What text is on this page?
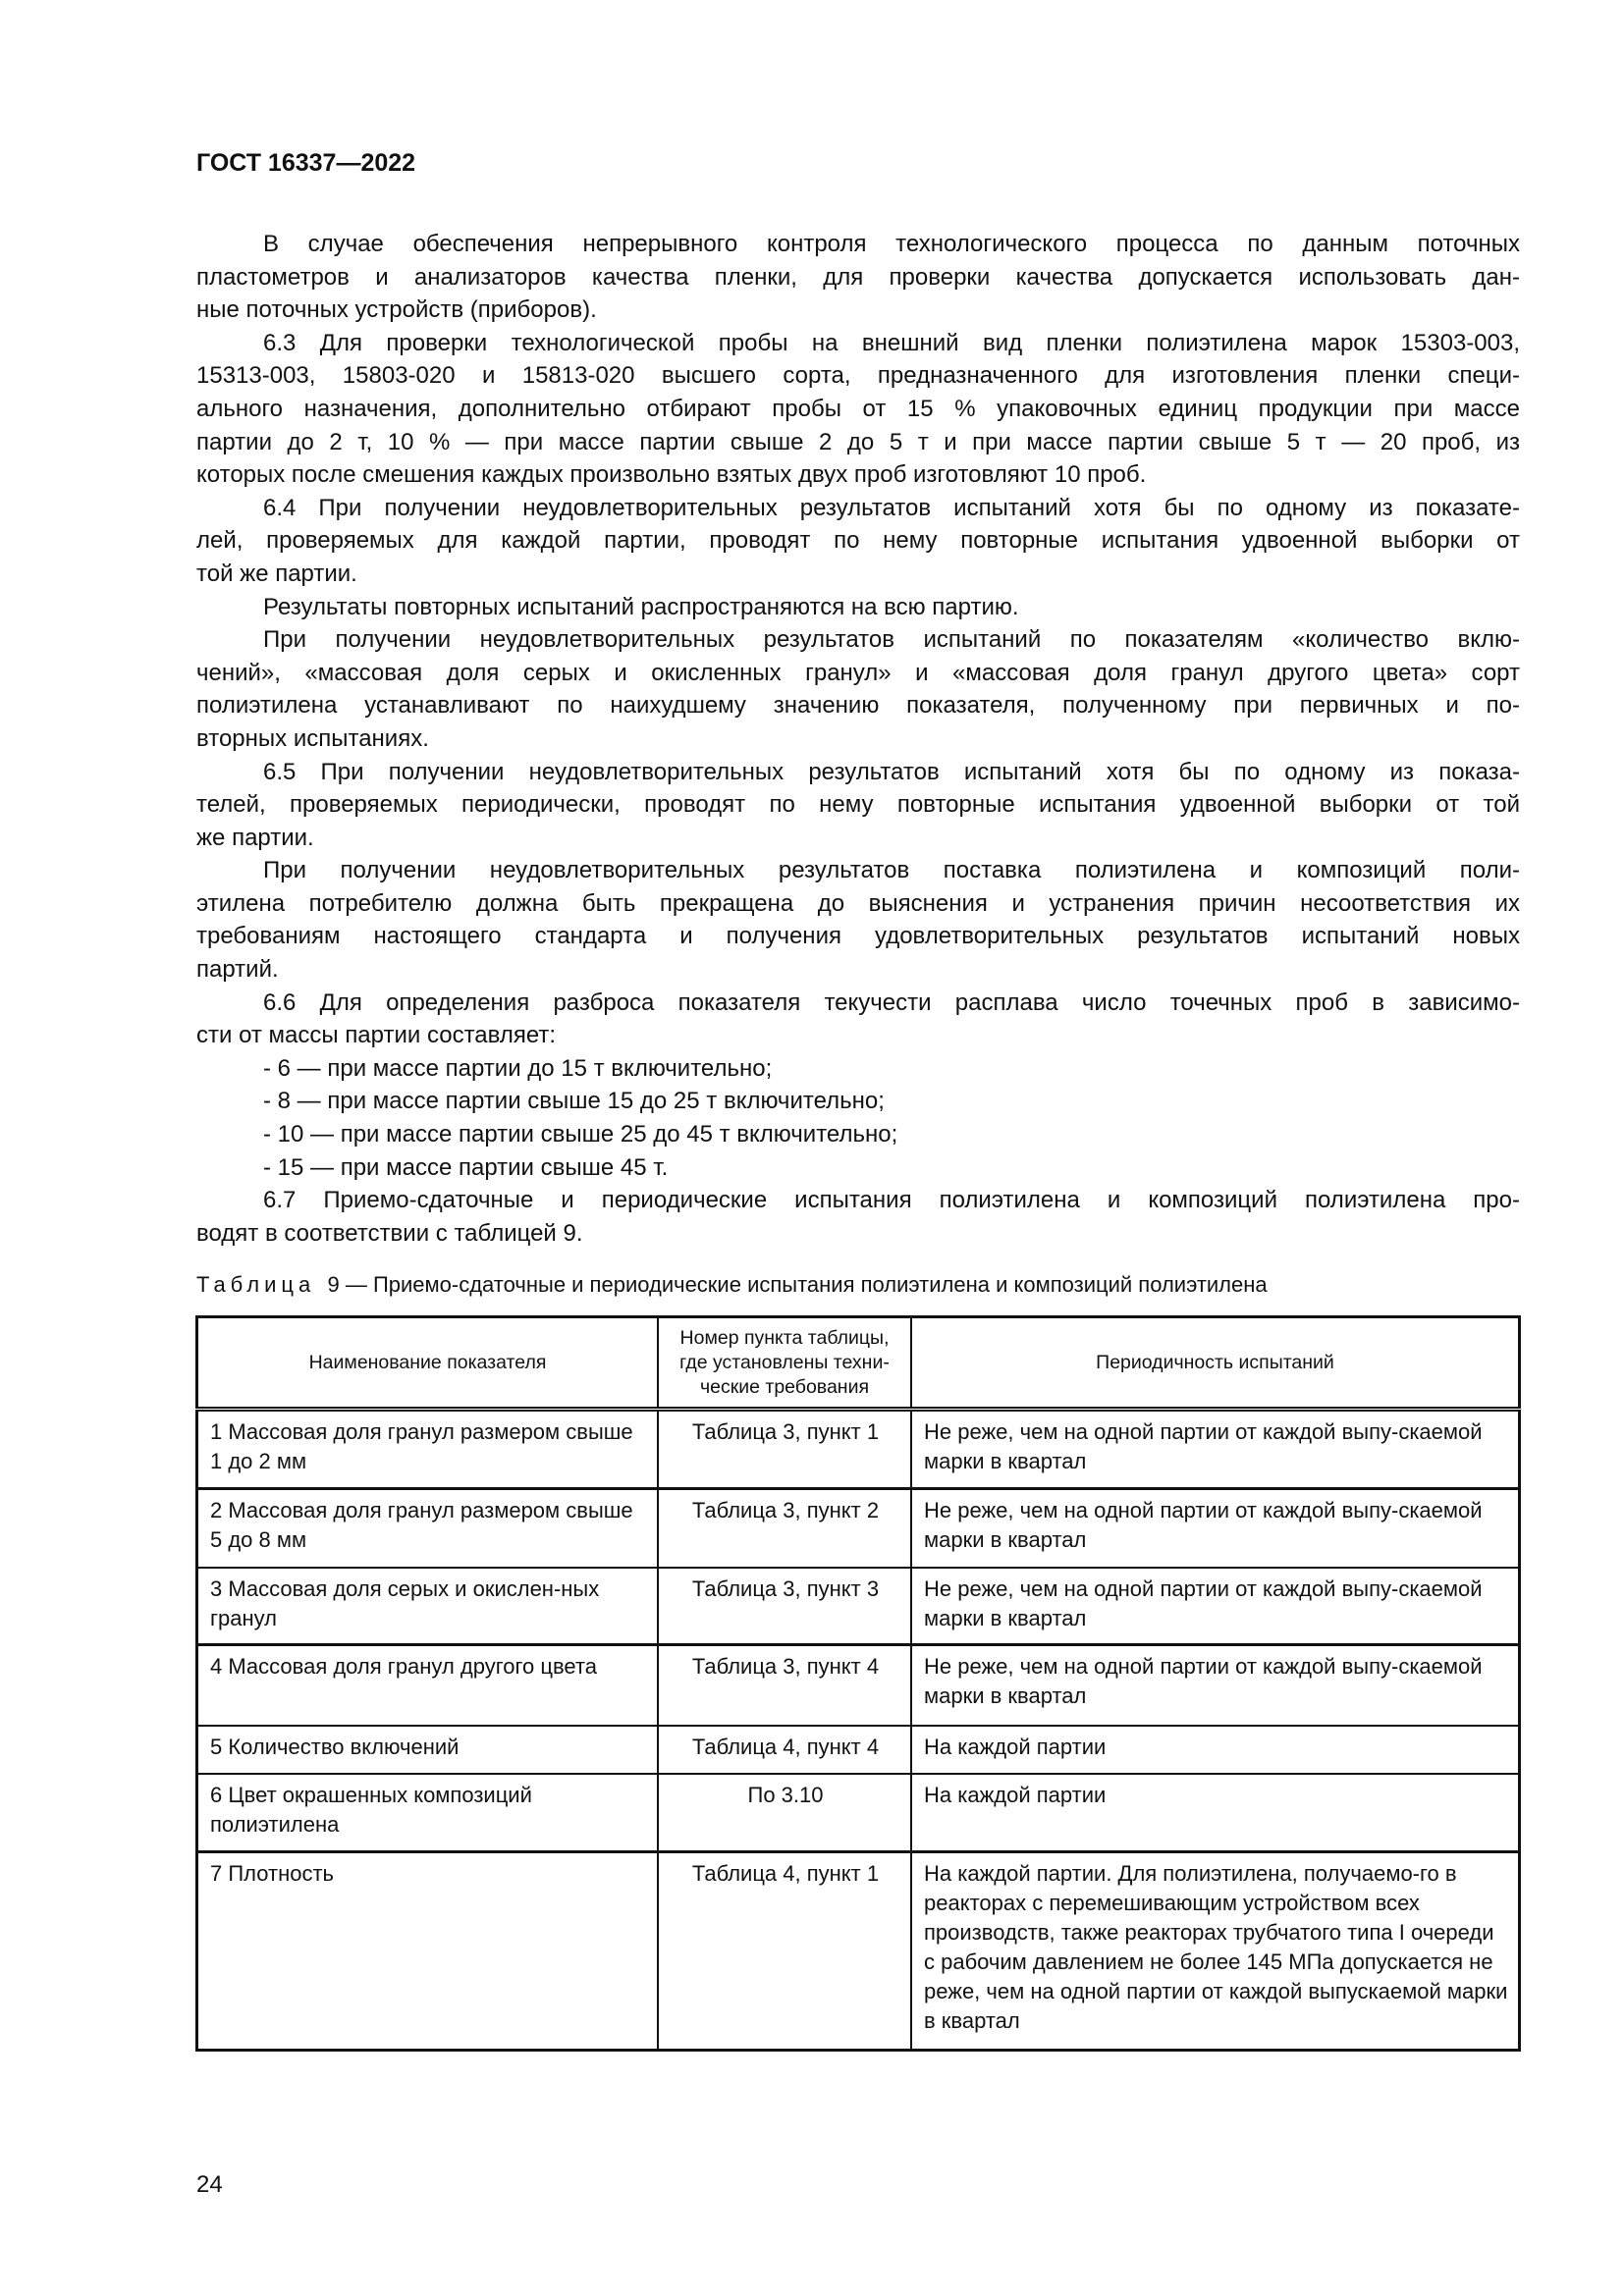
ГОСТ 16337—2022
В случае обеспечения непрерывного контроля технологического процесса по данным поточных
пластометров и анализаторов качества пленки, для проверки качества допускается использовать дан-
ные поточных устройств (приборов).
6.3 Для проверки технологической пробы на внешний вид пленки полиэтилена марок 15303-003,
15313-003, 15803-020 и 15813-020 высшего сорта, предназначенного для изготовления пленки специ-
ального назначения, дополнительно отбирают пробы от 15 % упаковочных единиц продукции при массе
партии до 2 т, 10 % — при массе партии свыше 2 до 5 т и при массе партии свыше 5 т — 20 проб, из
которых после смешения каждых произвольно взятых двух проб изготовляют 10 проб.
6.4 При получении неудовлетворительных результатов испытаний хотя бы по одному из показате-
лей, проверяемых для каждой партии, проводят по нему повторные испытания удвоенной выборки от
той же партии.
Результаты повторных испытаний распространяются на всю партию.
При получении неудовлетворительных результатов испытаний по показателям «количество вклю-
чений», «массовая доля серых и окисленных гранул» и «массовая доля гранул другого цвета» сорт
полиэтилена устанавливают по наихудшему значению показателя, полученному при первичных и по-
вторных испытаниях.
6.5 При получении неудовлетворительных результатов испытаний хотя бы по одному из показа-
телей, проверяемых периодически, проводят по нему повторные испытания удвоенной выборки от той
же партии.
При получении неудовлетворительных результатов поставка полиэтилена и композиций поли-
этилена потребителю должна быть прекращена до выяснения и устранения причин несоответствия их
требованиям настоящего стандарта и получения удовлетворительных результатов испытаний новых
партий.
6.6 Для определения разброса показателя текучести расплава число точечных проб в зависимо-
сти от массы партии составляет:
- 6 — при массе партии до 15 т включительно;
- 8 — при массе партии свыше 15 до 25 т включительно;
- 10 — при массе партии свыше 25 до 45 т включительно;
- 15 — при массе партии свыше 45 т.
6.7 Приемо-сдаточные и периодические испытания полиэтилена и композиций полиэтилена про-
водят в соответствии с таблицей 9.
Таблица 9 — Приемо-сдаточные и периодические испытания полиэтилена и композиций полиэтилена
Наименование показателя	Номер пункта таблицы, где установлены техни-ческие требования	Периодичность испытаний
1 Массовая доля гранул размером свыше 1 до 2 мм	Таблица 3, пункт 1	Не реже, чем на одной партии от каждой выпу-скаемой марки в квартал
2 Массовая доля гранул размером свыше 5 до 8 мм	Таблица 3, пункт 2	Не реже, чем на одной партии от каждой выпу-скаемой марки в квартал
3 Массовая доля серых и окислен-ных гранул	Таблица 3, пункт 3	Не реже, чем на одной партии от каждой выпу-скаемой марки в квартал
4 Массовая доля гранул другого цвета	Таблица 3, пункт 4	Не реже, чем на одной партии от каждой выпу-скаемой марки в квартал
5 Количество включений	Таблица 4, пункт 4	На каждой партии
6 Цвет окрашенных композиций полиэтилена	По 3.10	На каждой партии
7 Плотность	Таблица 4, пункт 1	На каждой партии. Для полиэтилена, получаемо-го в реакторах с перемешивающим устройством всех производств, также реакторах трубчатого типа I очереди с рабочим давлением не более 145 МПа допускается не реже, чем на одной партии от каждой выпускаемой марки в квартал
24
